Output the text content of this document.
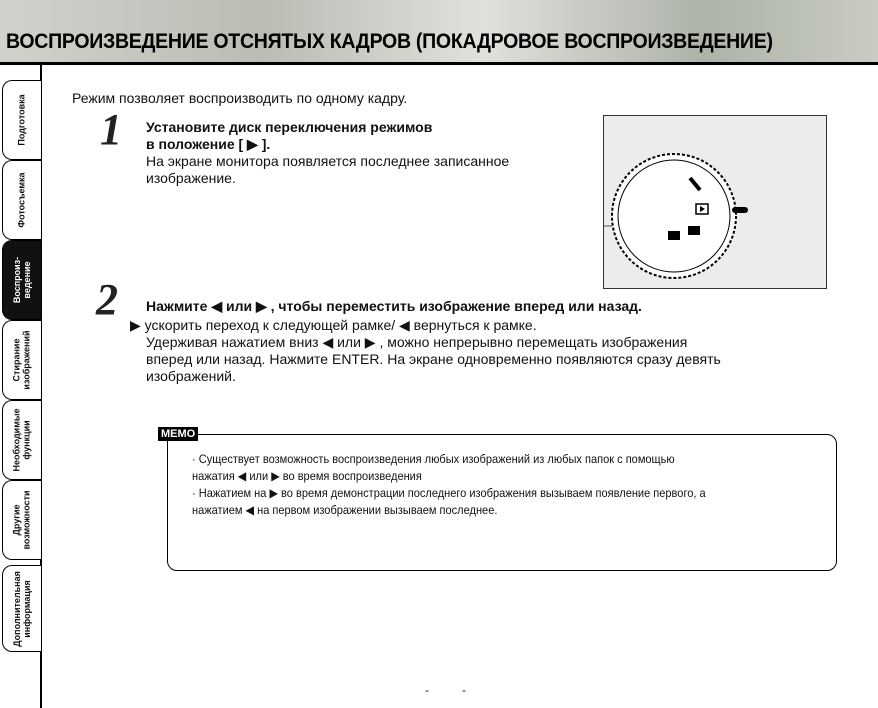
ВОСПРОИЗВЕДЕНИЕ ОТСНЯТЫХ КАДРОВ (ПОКАДРОВОЕ ВОСПРОИЗВЕДЕНИЕ)
Подготовка
Фотосъемка
Воспроиз-
ведение
Стирание
изображений
Необходимые
функции
Другие
возможности
Дополнительная
информация
Режим позволяет воспроизводить по одному кадру.
1 Установите диск переключения режимов
в положение [ ▶ ].
На экране монитора появляется последнее записанное
изображение.
2 Нажмите ◀ или ▶ , чтобы переместить изображение вперед или назад.
▶ ускорить переход к следующей рамке/ ◀ вернуться к рамке.
Удерживая нажатием вниз ◀ или ▶ , можно непрерывно перемещать изображения
вперед или назад. Нажмите ENTER. На экране одновременно появляются сразу девять
изображений.
MEMO
· Существует возможность воспроизведения любых изображений из любых папок с помощью
нажатия ◀ или ▶ во время воспроизведения
· Нажатием на ▶ во время демонстрации последнего изображения вызываем появление первого, а
нажатием ◀ на первом изображении вызываем последнее.
-	-
